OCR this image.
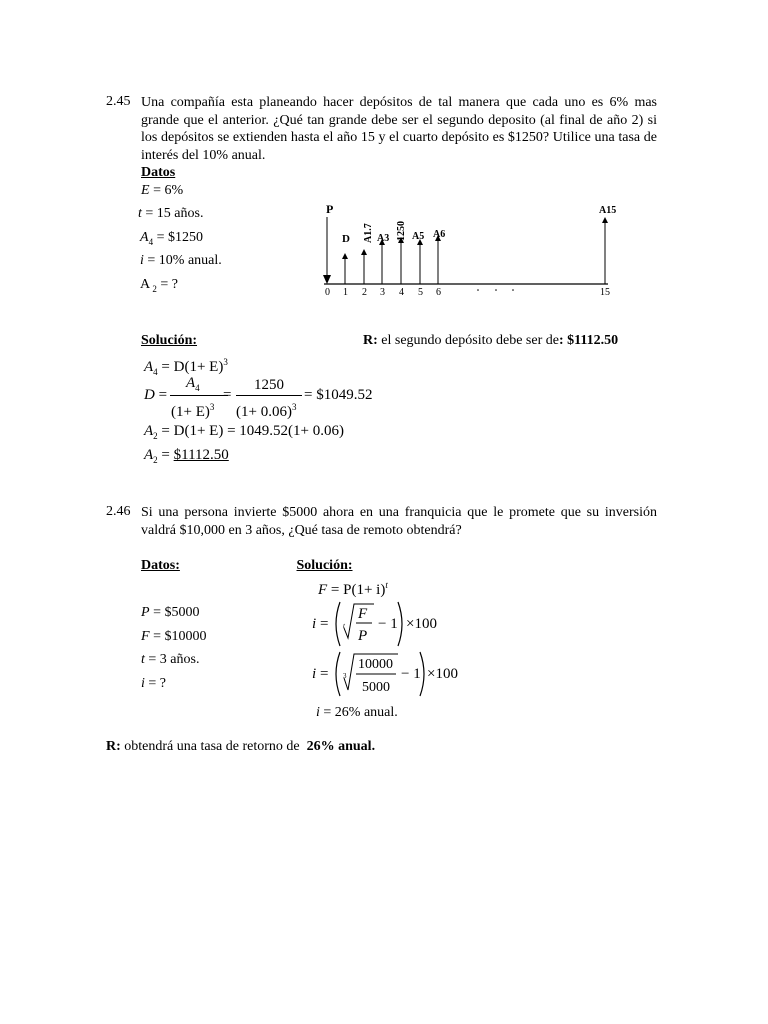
2.45 Una compañía esta planeando hacer depósitos de tal manera que cada uno es 6% mas grande que el anterior. ¿Qué tan grande debe ser el segundo deposito (al final de año 2) si los depósitos se extienden hasta el año 15 y el cuarto depósito es $1250? Utilice una tasa de interés del 10% anual.
Datos
E = 6%
t = 15 años.
$A_4$ = $1250
i = 10% anual.
A $_2$ = ?
P
D A1.7 A3 1250 A5 A6
A15
0 1 2 3 4 5 6	15
Solución:	R: el segundo depósito debe ser de: $1112.50
$A_4 = D(1+ E)^3$
D =
$A_4$
$(1+ E)^3$
=
1250
$(1+ 0.06)^3$
= $1049.52
$A_2 = D(1+ E) = 1049.52(1+ 0.06)$
$A_2$ = $1112.50
2.46 Si una persona invierte $5000 ahora en una franquicia que le promete que su inversión valdrá $10,000 en 3 años, ¿Qué tasa de remoto obtendrá?
Datos:	Solución:
$F = P(1+ i)^t$
P = $5000
F = $10000
t = 3 años.
i = ?
i = t
F
P
− 1 ×100
i = 3
10000
5000
− 1 ×100
i = 26% anual.
R: obtendrá una tasa de retorno de 26% anual.
